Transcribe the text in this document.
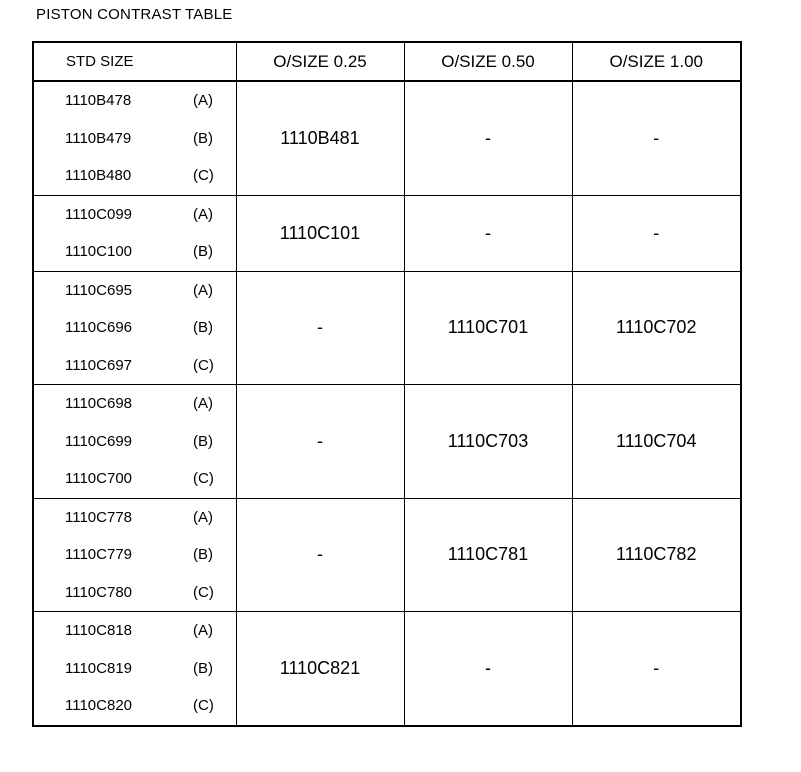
PISTON CONTRAST TABLE
STD SIZE	O/SIZE 0.25	O/SIZE 0.50	O/SIZE 1.00

1110B478 (A)	1110B481	-	-

1110B479 (B)			

1110B480 (C)			

1110C099 (A)	1110C101	-	-

1110C100 (B)			

1110C695 (A)	-	1110C701	1110C702

1110C696 (B)			

1110C697 (C)			

1110C698 (A)	-	1110C703	1110C704

1110C699 (B)			

1110C700 (C)			

1110C778 (A)	-	1110C781	1110C782

1110C779 (B)			

1110C780 (C)			

1110C818 (A)	1110C821	-	-

1110C819 (B)			

1110C820 (C)			
